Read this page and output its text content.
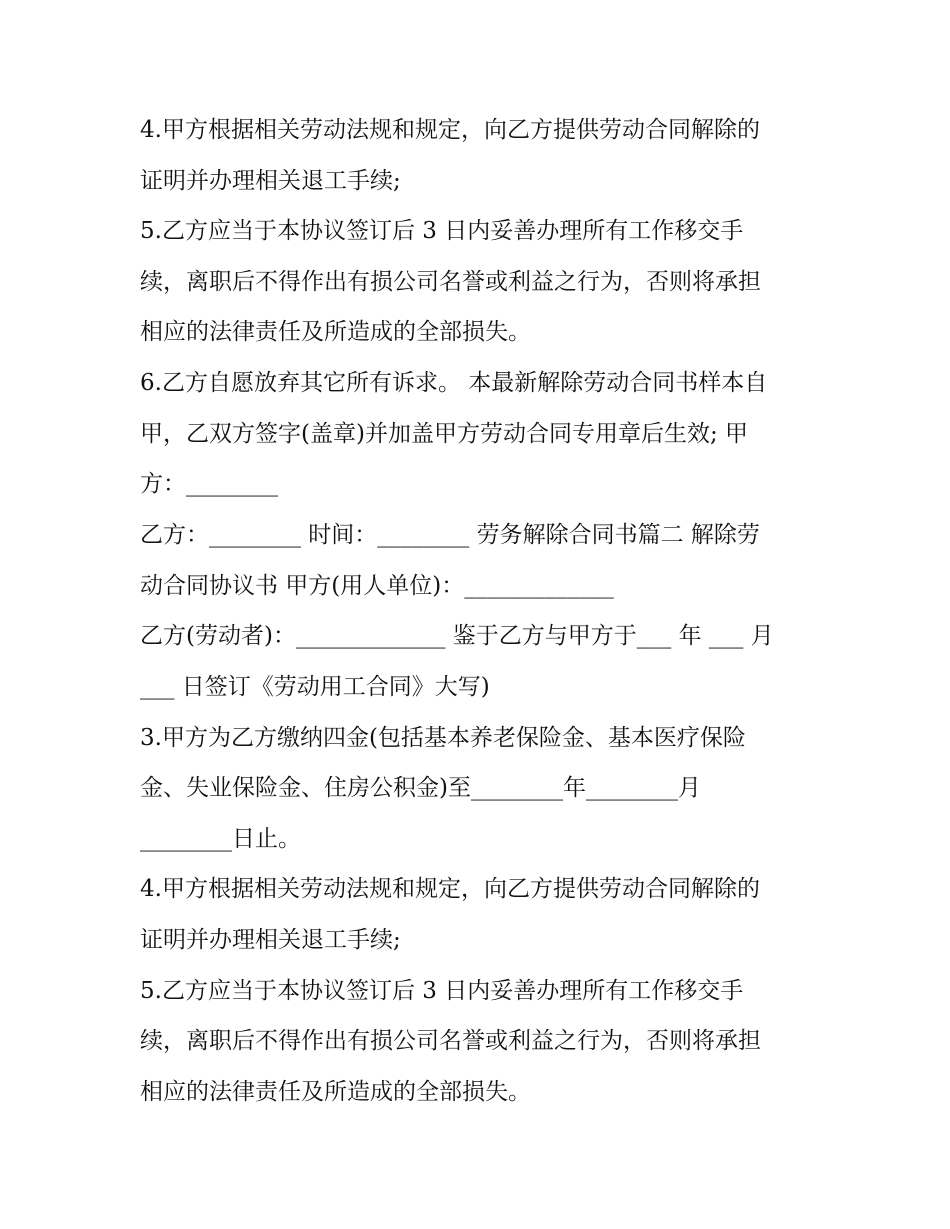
4.甲方根据相关劳动法规和规定，向乙方提供劳动合同解除的
证明并办理相关退工手续;
5.乙方应当于本协议签订后 3 日内妥善办理所有工作移交手
续，离职后不得作出有损公司名誉或利益之行为，否则将承担
相应的法律责任及所造成的全部损失。
6.乙方自愿放弃其它所有诉求。 本最新解除劳动合同书样本自
甲，乙双方签字(盖章)并加盖甲方劳动合同专用章后生效; 甲
方：________
乙方：________ 时间：________ 劳务解除合同书篇二 解除劳
动合同协议书 甲方(用人单位)：_____________
乙方(劳动者)：_____________ 鉴于乙方与甲方于___ 年 ___ 月
___ 日签订《劳动用工合同》大写)
3.甲方为乙方缴纳四金(包括基本养老保险金、基本医疗保险
金、失业保险金、住房公积金)至________年________月
________日止。
4.甲方根据相关劳动法规和规定，向乙方提供劳动合同解除的
证明并办理相关退工手续;
5.乙方应当于本协议签订后 3 日内妥善办理所有工作移交手
续，离职后不得作出有损公司名誉或利益之行为，否则将承担
相应的法律责任及所造成的全部损失。
